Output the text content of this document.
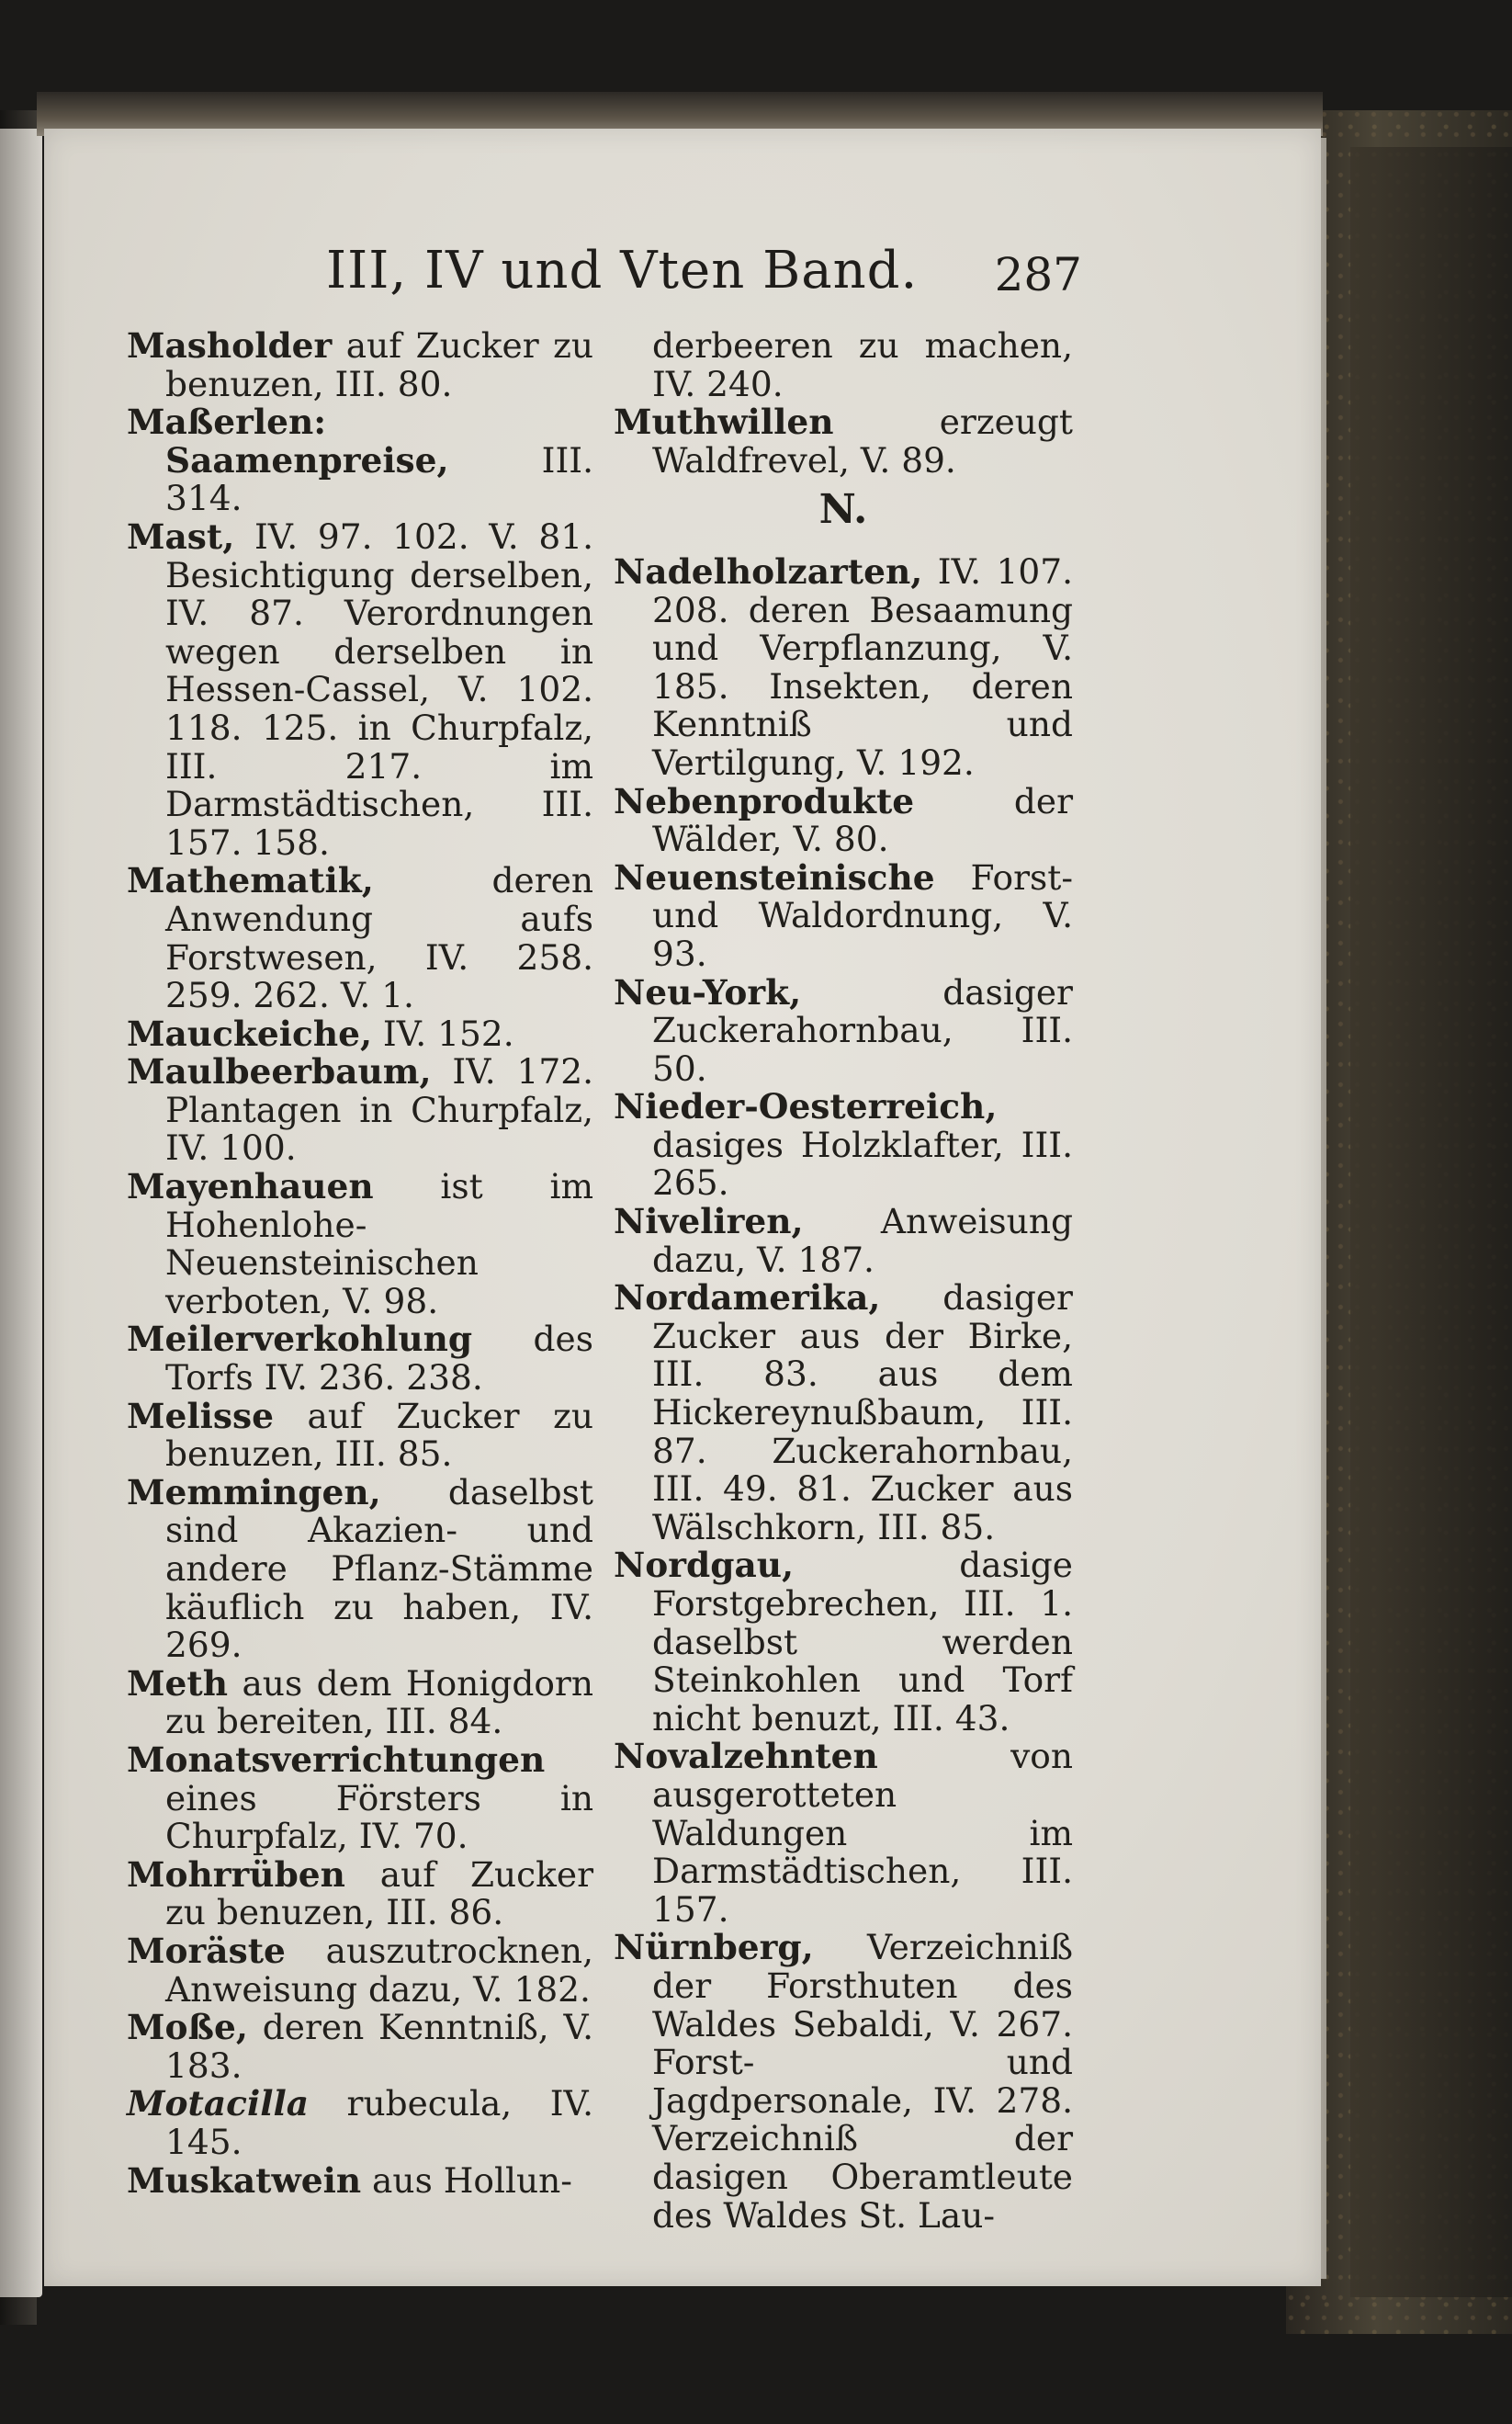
III, IV und Vten Band.	287

Masholder auf Zucker zu benuzen, III. 80.

Maßerlen: Saamenpreise, III. 314.

Mast, IV. 97. 102. V. 81. Besichtigung derselben, IV. 87. Verordnungen wegen derselben in Hessen-Cassel, V. 102. 118. 125. in Churpfalz, III. 217. im Darmstädtischen, III. 157. 158.

Mathematik, deren Anwendung aufs Forstwesen, IV. 258. 259. 262. V. 1.

Mauckeiche, IV. 152.

Maulbeerbaum, IV. 172. Plantagen in Churpfalz, IV. 100.

Mayenhauen ist im Hohenlohe-Neuensteinischen verboten, V. 98.

Meilerverkohlung des Torfs IV. 236. 238.

Melisse auf Zucker zu benuzen, III. 85.

Memmingen, daselbst sind Akazien- und andere Pflanz-Stämme käuflich zu haben, IV. 269.

Meth aus dem Honigdorn zu bereiten, III. 84.

Monatsverrichtungen eines Försters in Churpfalz, IV. 70.

Mohrrüben auf Zucker zu benuzen, III. 86.

Moräste auszutrocknen, Anweisung dazu, V. 182.

Moße, deren Kenntniß, V. 183.

Motacilla rubecula, IV. 145.

Muskatwein aus Hollun-

derbeeren zu machen, IV. 240.

Muthwillen erzeugt Waldfrevel, V. 89.

N.

Nadelholzarten, IV. 107. 208. deren Besaamung und Verpflanzung, V. 185. Insekten, deren Kenntniß und Vertilgung, V. 192.

Nebenprodukte der Wälder, V. 80.

Neuensteinische Forst- und Waldordnung, V. 93.

Neu-York, dasiger Zuckerahornbau, III. 50.

Nieder-Oesterreich, dasiges Holzklafter, III. 265.

Niveliren, Anweisung dazu, V. 187.

Nordamerika, dasiger Zucker aus der Birke, III. 83. aus dem Hickereynußbaum, III. 87. Zuckerahornbau, III. 49. 81. Zucker aus Wälschkorn, III. 85.

Nordgau, dasige Forstgebrechen, III. 1. daselbst werden Steinkohlen und Torf nicht benuzt, III. 43.

Novalzehnten von ausgerotteten Waldungen im Darmstädtischen, III. 157.

Nürnberg, Verzeichniß der Forsthuten des Waldes Sebaldi, V. 267. Forst- und Jagdpersonale, IV. 278. Verzeichniß der dasigen Oberamtleute des Waldes St. Lau-
